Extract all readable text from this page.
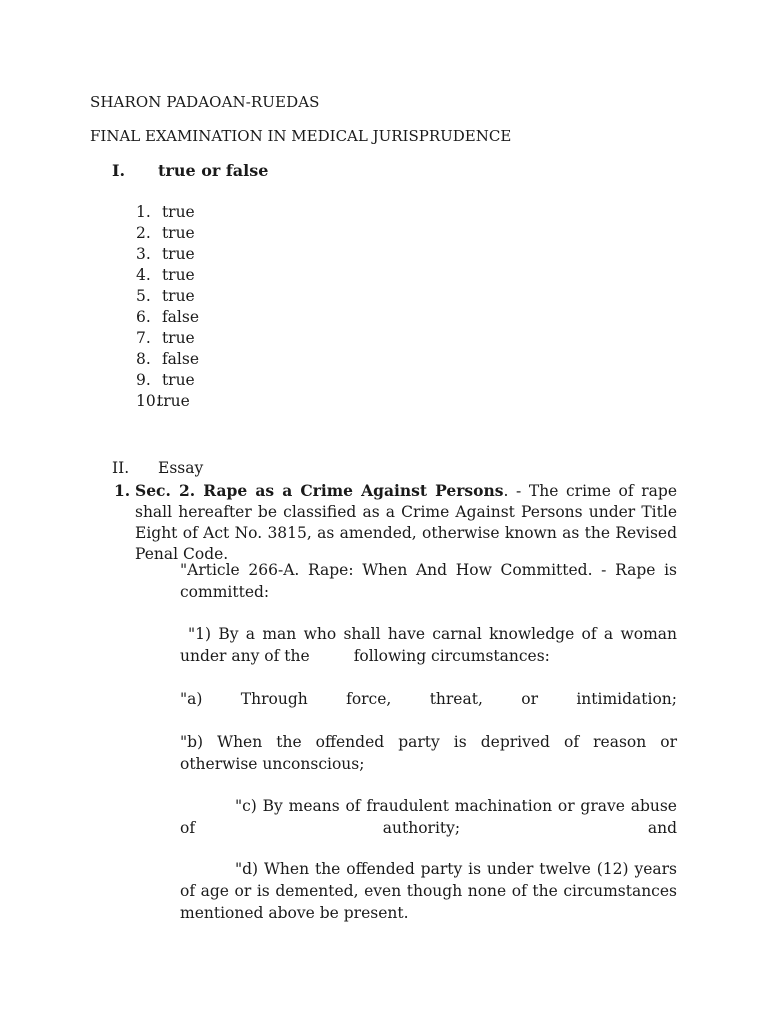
SHARON PADAOAN-RUEDAS
FINAL EXAMINATION IN MEDICAL JURISPRUDENCE
I. true or false
1. true
2. true
3. true
4. true
5. true
6. false
7. true
8. false
9. true
10.true
II. Essay
1. Sec. 2. Rape as a Crime Against Persons. - The crime of rape shall hereafter be classified as a Crime Against Persons under Title Eight of Act No. 3815, as amended, otherwise known as the Revised Penal Code.
"Article 266-A. Rape: When And How Committed. - Rape is committed:
"1) By a man who shall have carnal knowledge of a woman under any of the	following circumstances:
"a) Through force, threat, or intimidation;
"b) When the offended party is deprived of reason or otherwise unconscious;
"c) By means of fraudulent machination or grave abuse of authority; and
"d) When the offended party is under twelve (12) years of age or is demented, even though none of the circumstances mentioned above be present.
